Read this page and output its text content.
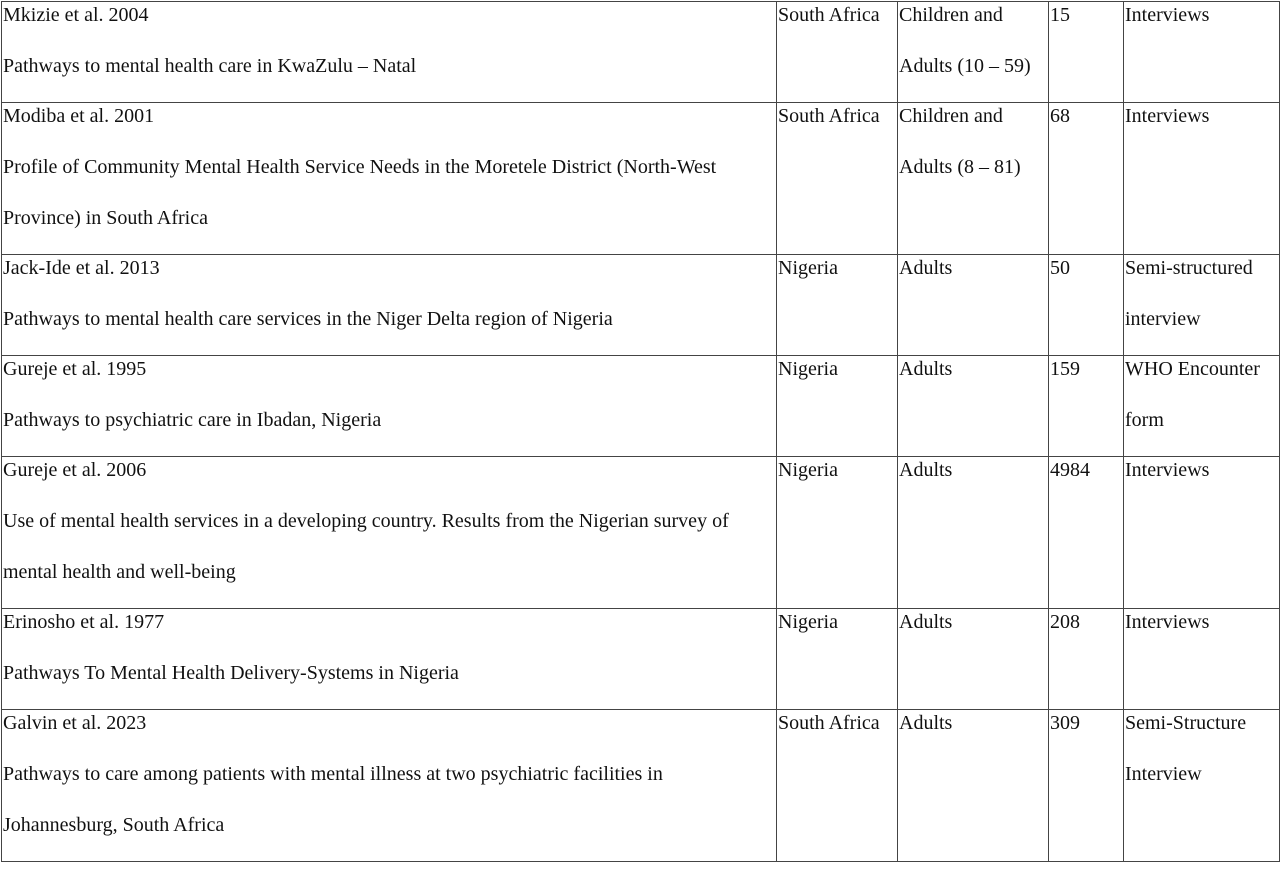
Mkizie et al. 2004
Pathways to mental health care in KwaZulu – Natal	South Africa	Children and
Adults (10 – 59)	15	Interviews

Modiba et al. 2001
Profile of Community Mental Health Service Needs in the Moretele District (North-West Province) in South Africa	South Africa	Children and
Adults (8 – 81)	68	Interviews

Jack-Ide et al. 2013
Pathways to mental health care services in the Niger Delta region of Nigeria	Nigeria	Adults	50	Semi-structured interview

Gureje et al. 1995
Pathways to psychiatric care in Ibadan, Nigeria	Nigeria	Adults	159	WHO Encounter form

Gureje et al. 2006
Use of mental health services in a developing country. Results from the Nigerian survey of mental health and well-being	Nigeria	Adults	4984	Interviews

Erinosho et al. 1977
Pathways To Mental Health Delivery-Systems in Nigeria	Nigeria	Adults	208	Interviews

Galvin et al. 2023
Pathways to care among patients with mental illness at two psychiatric facilities in Johannesburg, South Africa	South Africa	Adults	309	Semi-Structure Interview
